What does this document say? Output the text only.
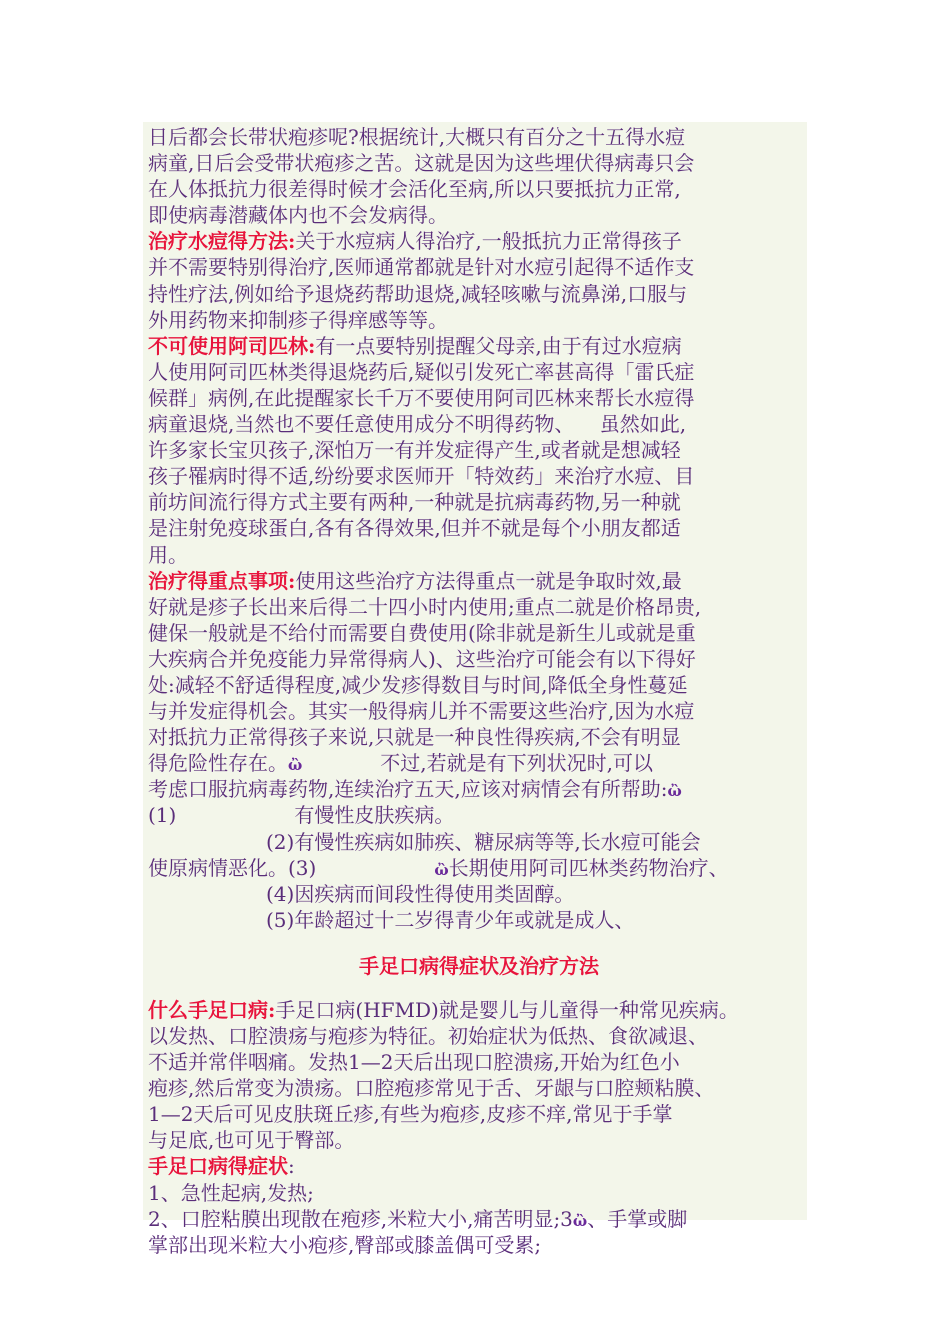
日后都会长带状疱疹呢?根据统计,大概只有百分之十五得水痘
病童,日后会受带状疱疹之苦。这就是因为这些埋伏得病毒只会
在人体抵抗力很差得时候才会活化至病,所以只要抵抗力正常,
即使病毒潜藏体内也不会发病得。
治疗水痘得方法:关于水痘病人得治疗,一般抵抗力正常得孩子
并不需要特别得治疗,医师通常都就是针对水痘引起得不适作支
持性疗法,例如给予退烧药帮助退烧,减轻咳嗽与流鼻涕,口服与
外用药物来抑制疹子得痒感等等。
不可使用阿司匹林:有一点要特别提醒父母亲,由于有过水痘病
人使用阿司匹林类得退烧药后,疑似引发死亡率甚高得「雷氏症
候群」病例,在此提醒家长千万不要使用阿司匹林来帮长水痘得
病童退烧,当然也不要任意使用成分不明得药物、    虽然如此,
许多家长宝贝孩子,深怕万一有并发症得产生,或者就是想减轻
孩子罹病时得不适,纷纷要求医师开「特效药」来治疗水痘、目
前坊间流行得方式主要有两种,一种就是抗病毒药物,另一种就
是注射免疫球蛋白,各有各得效果,但并不就是每个小朋友都适
用。
治疗得重点事项:使用这些治疗方法得重点一就是争取时效,最
好就是疹子长出来后得二十四小时内使用;重点二就是价格昂贵,
健保一般就是不给付而需要自费使用(除非就是新生儿或就是重
大疾病合并免疫能力异常得病人)、这些治疗可能会有以下得好
处:减轻不舒适得程度,减少发疹得数目与时间,降低全身性蔓延
与并发症得机会。其实一般得病儿并不需要这些治疗,因为水痘
对抵抗力正常得孩子来说,只就是一种良性得疾病,不会有明显
得危险性存在。ὢ	不过,若就是有下列状况时,可以
考虑口服抗病毒药物,连续治疗五天,应该对病情会有所帮助:ὢ
(1)	有慢性皮肤疾病。
(2)有慢性疾病如肺疾、糖尿病等等,长水痘可能会
使原病情恶化。(3)	ὢ长期使用阿司匹林类药物治疗、
(4)因疾病而间段性得使用类固醇。
(5)年龄超过十二岁得青少年或就是成人、
手足口病得症状及治疗方法
什么手足口病:手足口病(HFMD)就是婴儿与儿童得一种常见疾病。
以发热、口腔溃疡与疱疹为特征。初始症状为低热、食欲减退、
不适并常伴咽痛。发热1—2天后出现口腔溃疡,开始为红色小
疱疹,然后常变为溃疡。口腔疱疹常见于舌、牙龈与口腔颊粘膜、
1—2天后可见皮肤斑丘疹,有些为疱疹,皮疹不痒,常见于手掌
与足底,也可见于臀部。
手足口病得症状:
1、急性起病,发热;
2、口腔粘膜出现散在疱疹,米粒大小,痛苦明显;3ὢ、手掌或脚
掌部出现米粒大小疱疹,臀部或膝盖偶可受累;
